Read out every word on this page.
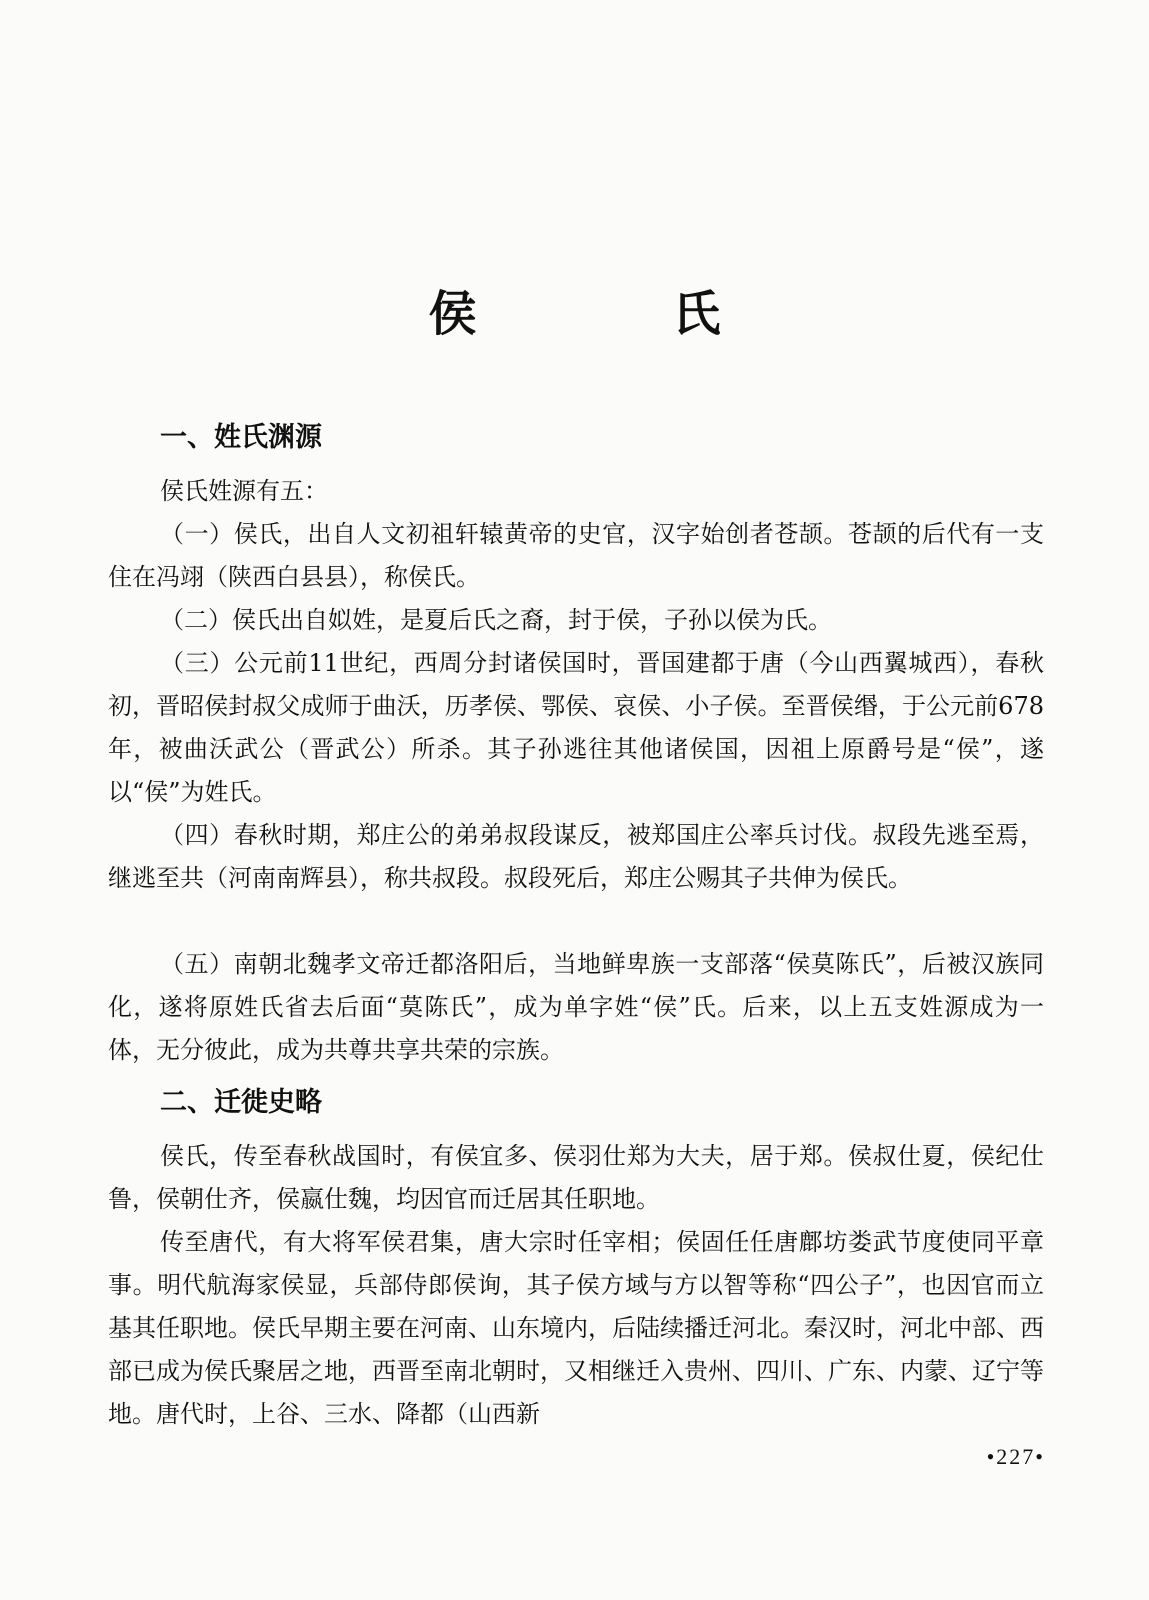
侯　氏
一、姓氏渊源

侯氏姓源有五：

（一）侯氏，出自人文初祖轩辕黄帝的史官，汉字始创者苍颉。苍颉的后代有一支住在冯翊（陕西白县县），称侯氏。

（二）侯氏出自姒姓，是夏后氏之裔，封于侯，子孙以侯为氏。

（三）公元前11世纪，西周分封诸侯国时，晋国建都于唐（今山西翼城西），春秋初，晋昭侯封叔父成师于曲沃，历孝侯、鄂侯、哀侯、小子侯。至晋侯缗，于公元前678年，被曲沃武公（晋武公）所杀。其子孙逃往其他诸侯国，因祖上原爵号是“侯”，遂以“侯”为姓氏。

（四）春秋时期，郑庄公的弟弟叔段谋反，被郑国庄公率兵讨伐。叔段先逃至焉，继逃至共（河南南辉县），称共叔段。叔段死后，郑庄公赐其子共伸为侯氏。

（五）南朝北魏孝文帝迁都洛阳后，当地鲜卑族一支部落“侯莫陈氏”，后被汉族同化，遂将原姓氏省去后面“莫陈氏”，成为单字姓“侯”氏。后来，以上五支姓源成为一体，无分彼此，成为共尊共享共荣的宗族。

二、迁徙史略

侯氏，传至春秋战国时，有侯宜多、侯羽仕郑为大夫，居于郑。侯叔仕夏，侯纪仕鲁，侯朝仕齐，侯嬴仕魏，均因官而迁居其任职地。

传至唐代，有大将军侯君集，唐大宗时任宰相；侯固任任唐鄜坊娄武节度使同平章事。明代航海家侯显，兵部侍郎侯询，其子侯方域与方以智等称“四公子”，也因官而立基其任职地。侯氏早期主要在河南、山东境内，后陆续播迁河北。秦汉时，河北中部、西部已成为侯氏聚居之地，西晋至南北朝时，又相继迁入贵州、四川、广东、内蒙、辽宁等地。唐代时，上谷、三水、降都（山西新

•227•
